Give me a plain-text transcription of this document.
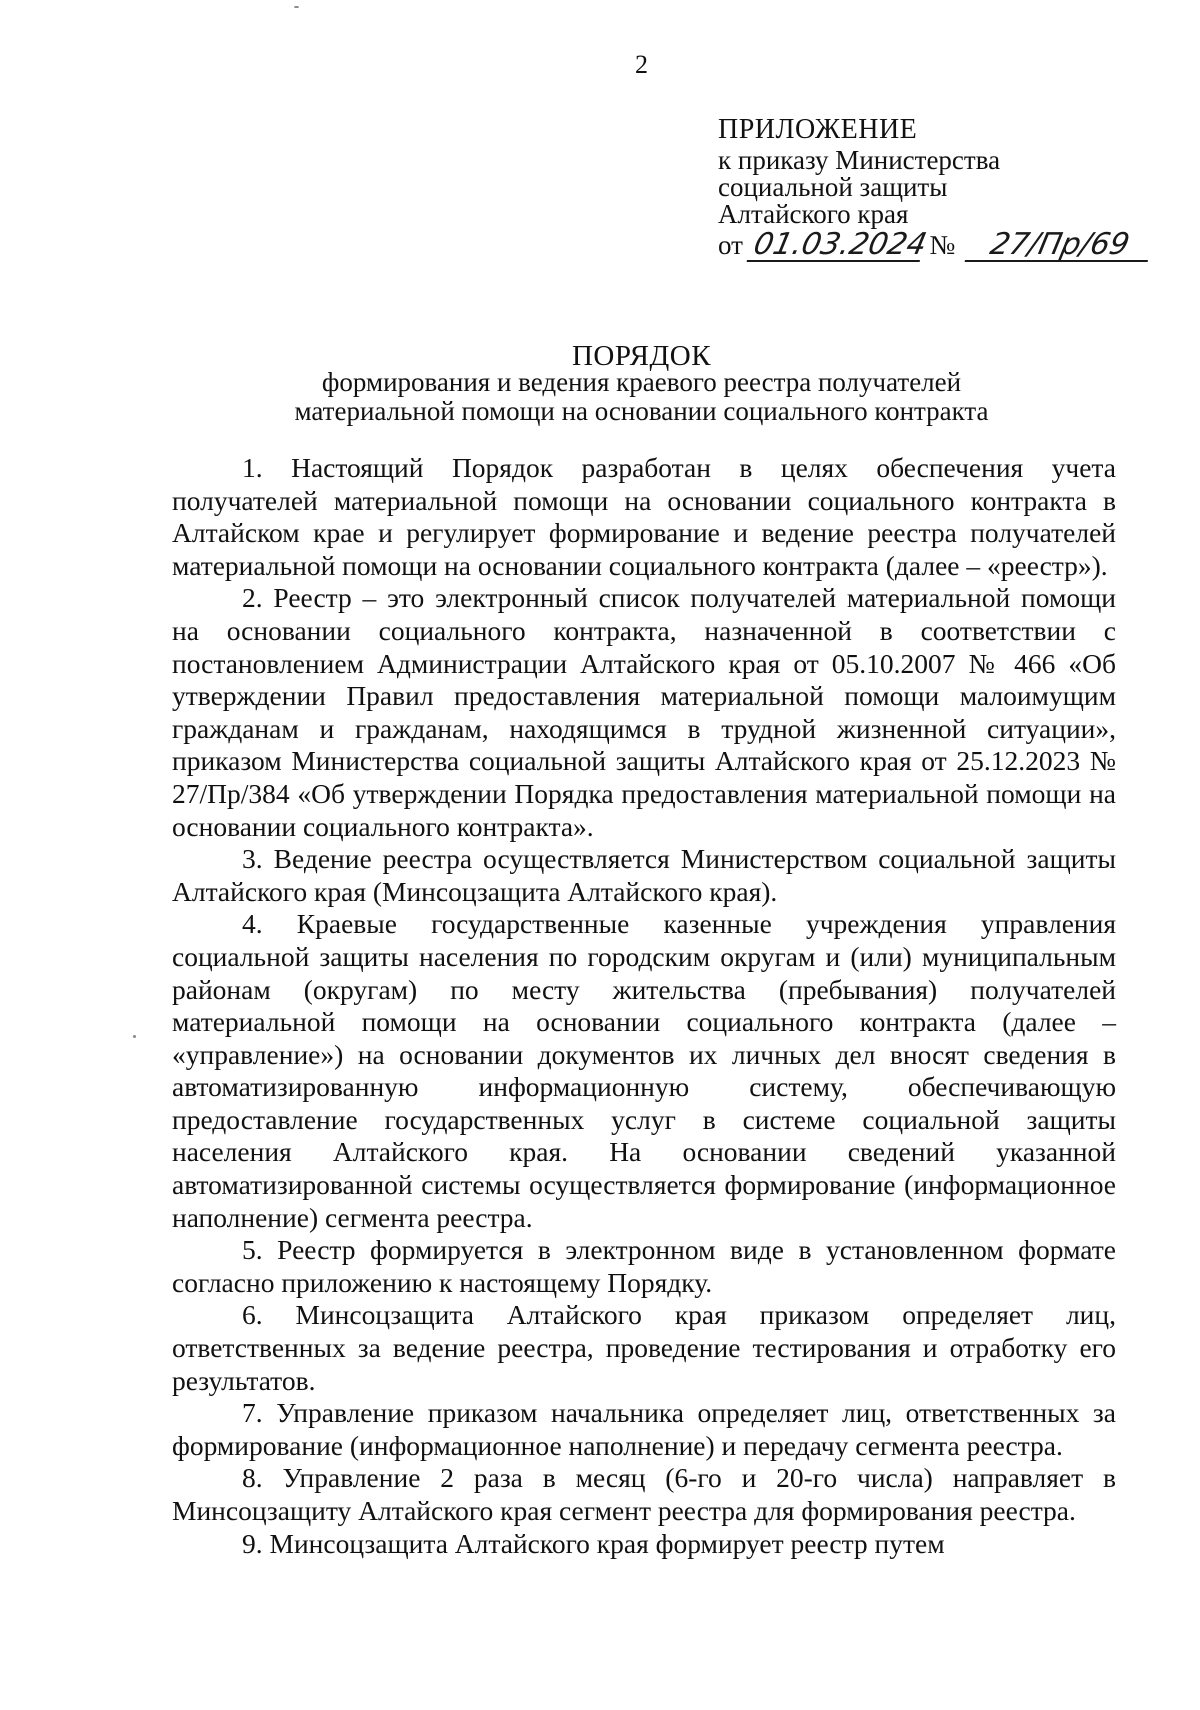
2
ПРИЛОЖЕНИЕ
к приказу Министерства
социальной защиты
Алтайского края
от 01.03.2024 № 27/Пр/69
ПОРЯДОК
формирования и ведения краевого реестра получателей
материальной помощи на основании социального контракта

1. Настоящий Порядок разработан в целях обеспечения учета получателей материальной помощи на основании социального контракта в Алтайском крае и регулирует формирование и ведение реестра получателей материальной помощи на основании социального контракта (далее – «реестр»).

2. Реестр – это электронный список получателей материальной помощи на основании социального контракта, назначенной в соответствии с постановлением Администрации Алтайского края от 05.10.2007 № 466 «Об утверждении Правил предоставления материальной помощи малоимущим гражданам и гражданам, находящимся в трудной жизненной ситуации», приказом Министерства социальной защиты Алтайского края от 25.12.2023 № 27/Пр/384 «Об утверждении Порядка предоставления материальной помощи на основании социального контракта».

3. Ведение реестра осуществляется Министерством социальной защиты Алтайского края (Минсоцзащита Алтайского края).

4. Краевые государственные казенные учреждения управления социальной защиты населения по городским округам и (или) муниципальным районам (округам) по месту жительства (пребывания) получателей материальной помощи на основании социального контракта (далее – «управление») на основании документов их личных дел вносят сведения в автоматизированную информационную систему, обеспечивающую предоставление государственных услуг в системе социальной защиты населения Алтайского края. На основании сведений указанной автоматизированной системы осуществляется формирование (информационное наполнение) сегмента реестра.

5. Реестр формируется в электронном виде в установленном формате согласно приложению к настоящему Порядку.

6. Минсоцзащита Алтайского края приказом определяет лиц, ответственных за ведение реестра, проведение тестирования и отработку его результатов.

7. Управление приказом начальника определяет лиц, ответственных за формирование (информационное наполнение) и передачу сегмента реестра.

8. Управление 2 раза в месяц (6-го и 20-го числа) направляет в Минсоцзащиту Алтайского края сегмент реестра для формирования реестра.

9. Минсоцзащита Алтайского края формирует реестр путем
